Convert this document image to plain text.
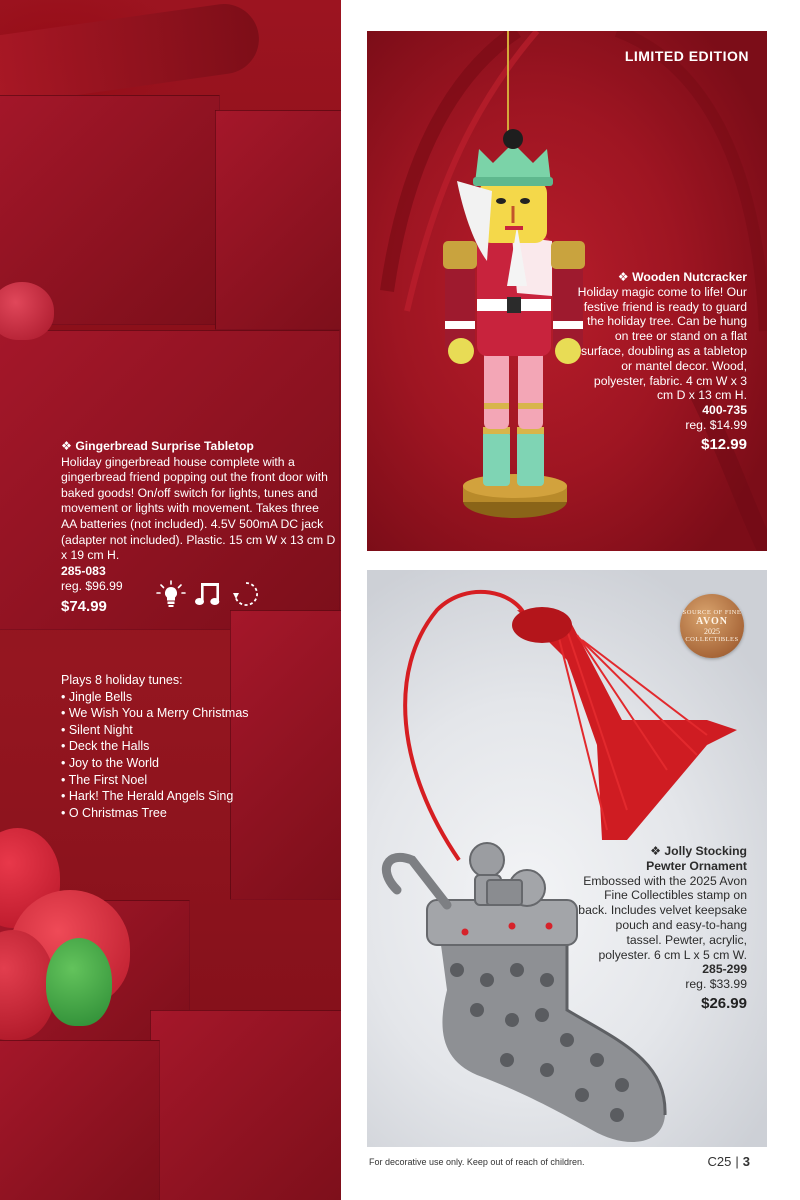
❖ Gingerbread Surprise Tabletop
Holiday gingerbread house complete with a gingerbread friend popping out the front door with baked goods! On/off switch for lights, tunes and movement or lights with movement. Takes three AA batteries (not included). 4.5V 500mA DC jack (adapter not included). Plastic. 15 cm W x 13 cm D x 19 cm H.
285-083
reg. $96.99
$74.99
Plays 8 holiday tunes:
• Jingle Bells
• We Wish You a Merry Christmas
• Silent Night
• Deck the Halls
• Joy to the World
• The First Noel
• Hark! The Herald Angels Sing
• O Christmas Tree
LIMITED EDITION
❖ Wooden Nutcracker
Holiday magic come to life! Our festive friend is ready to guard the holiday tree. Can be hung on tree or stand on a flat surface, doubling as a tabletop or mantel decor. Wood, polyester, fabric. 4 cm W x 3 cm D x 13 cm H.
400-735
reg. $14.99
$12.99
SOURCE OF FINE
AVON
2025
COLLECTIBLES
❖ Jolly Stocking
Pewter Ornament
Embossed with the 2025 Avon Fine Collectibles stamp on back. Includes velvet keepsake pouch and easy-to-hang tassel. Pewter, acrylic, polyester. 6 cm L x 5 cm W.
285-299
reg. $33.99
$26.99
For decorative use only. Keep out of reach of children.	C25 | 3
